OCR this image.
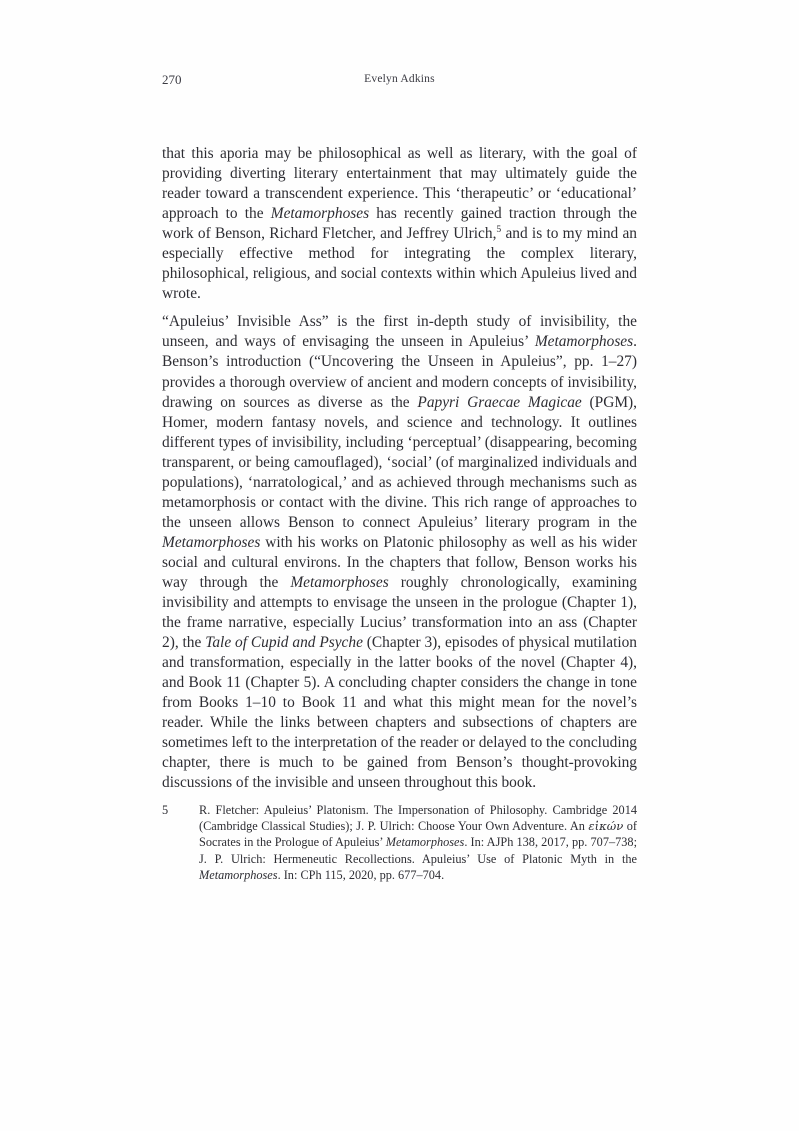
270	Evelyn Adkins

that this aporia may be philosophical as well as literary, with the goal of providing diverting literary entertainment that may ultimately guide the reader toward a transcendent experience. This ‘therapeutic’ or ‘educational’ approach to the Metamorphoses has recently gained traction through the work of Benson, Richard Fletcher, and Jeffrey Ulrich,$^5$ and is to my mind an especially effective method for integrating the complex literary, philosophical, religious, and social contexts within which Apuleius lived and wrote.

“Apuleius’ Invisible Ass” is the first in-depth study of invisibility, the unseen, and ways of envisaging the unseen in Apuleius’ Metamorphoses. Benson’s introduction (“Uncovering the Unseen in Apuleius”, pp. 1–27) provides a thorough overview of ancient and modern concepts of invisibility, drawing on sources as diverse as the Papyri Graecae Magicae (PGM), Homer, modern fantasy novels, and science and technology. It outlines different types of invisibility, including ‘perceptual’ (disappearing, becoming transparent, or being camouflaged), ‘social’ (of marginalized individuals and populations), ‘narratological,’ and as achieved through mechanisms such as metamorphosis or contact with the divine. This rich range of approaches to the unseen allows Benson to connect Apuleius’ literary program in the Metamorphoses with his works on Platonic philosophy as well as his wider social and cultural environs. In the chapters that follow, Benson works his way through the Metamorphoses roughly chronologically, examining invisibility and attempts to envisage the unseen in the prologue (Chapter 1), the frame narrative, especially Lucius’ transformation into an ass (Chapter 2), the Tale of Cupid and Psyche (Chapter 3), episodes of physical mutilation and transformation, especially in the latter books of the novel (Chapter 4), and Book 11 (Chapter 5). A concluding chapter considers the change in tone from Books 1–10 to Book 11 and what this might mean for the novel’s reader. While the links between chapters and subsections of chapters are sometimes left to the interpretation of the reader or delayed to the concluding chapter, there is much to be gained from Benson’s thought-provoking discussions of the invisible and unseen throughout this book.

5	R. Fletcher: Apuleius’ Platonism. The Impersonation of Philosophy. Cambridge 2014 (Cambridge Classical Studies); J. P. Ulrich: Choose Your Own Adventure. An εἰκών of Socrates in the Prologue of Apuleius’ Metamorphoses. In: AJPh 138, 2017, pp. 707–738; J. P. Ulrich: Hermeneutic Recollections. Apuleius’ Use of Platonic Myth in the Metamorphoses. In: CPh 115, 2020, pp. 677–704.
